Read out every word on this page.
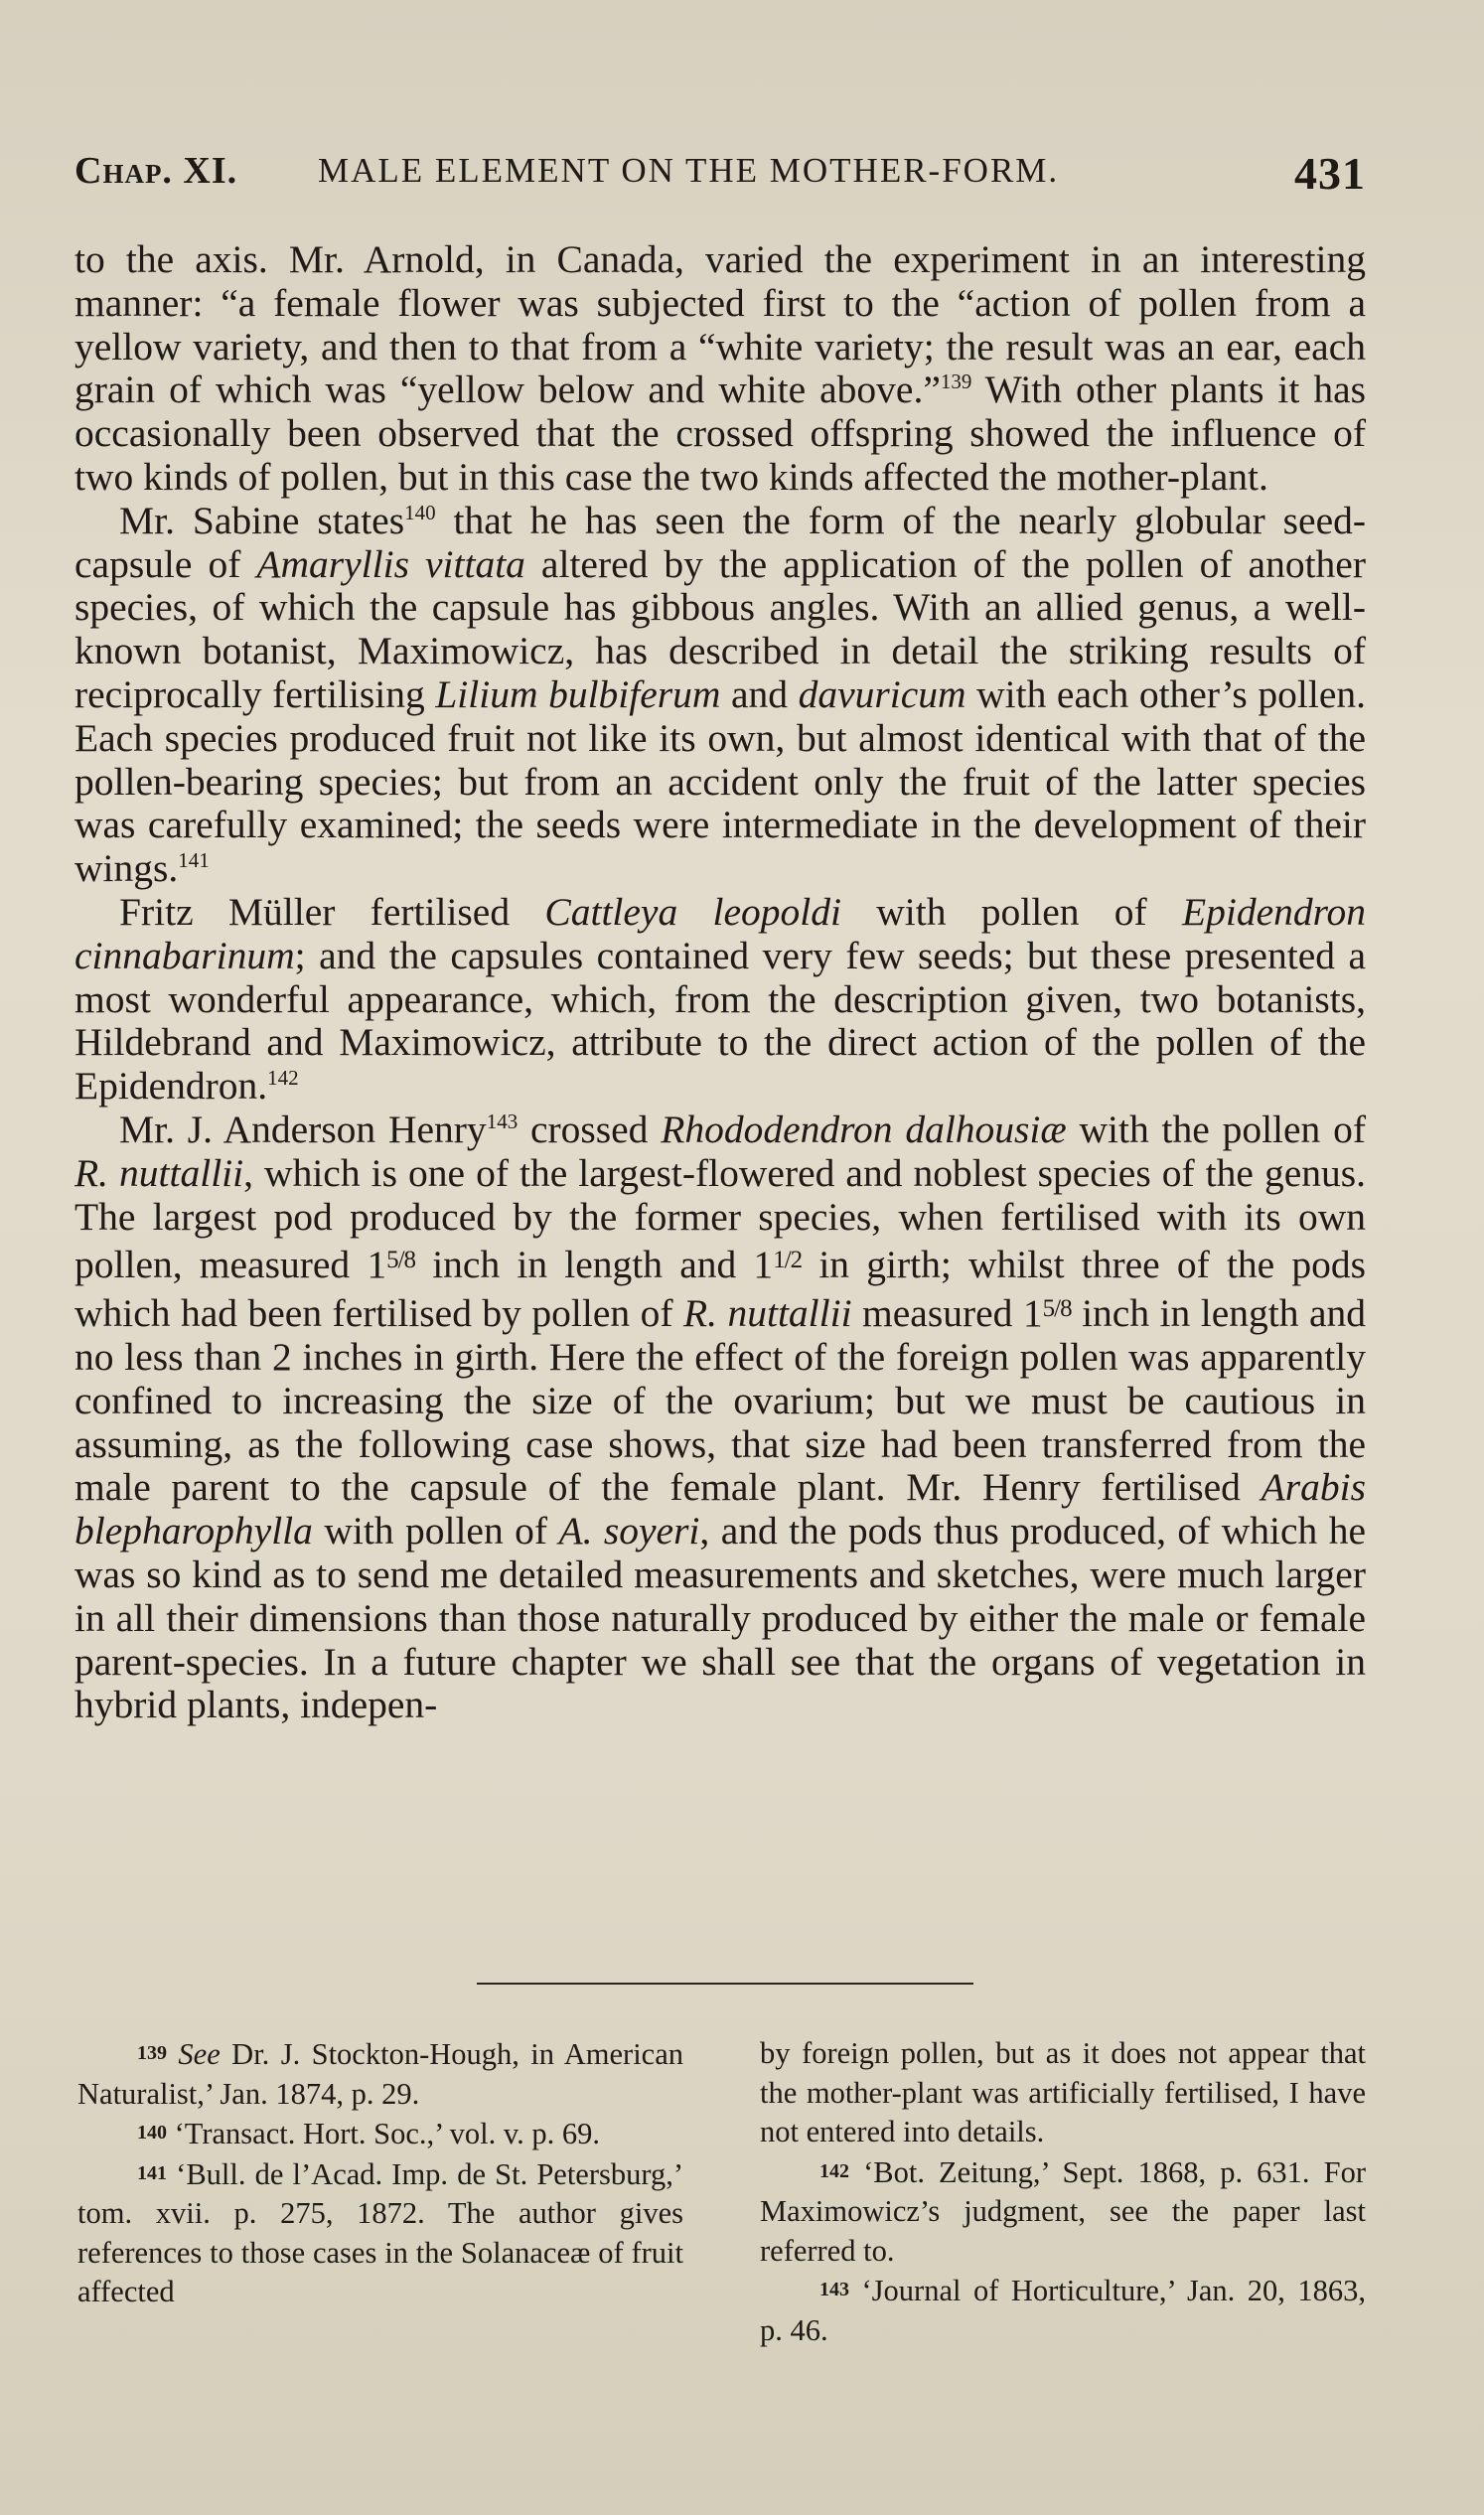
Chap. XI. MALE ELEMENT ON THE MOTHER-FORM.	431

to the axis. Mr. Arnold, in Canada, varied the experiment in an interesting manner: “a female flower was subjected first to the “action of pollen from a yellow variety, and then to that from a “white variety; the result was an ear, each grain of which was “yellow below and white above.”$^{139}$ With other plants it has occasionally been observed that the crossed offspring showed the influence of two kinds of pollen, but in this case the two kinds affected the mother-plant.

Mr. Sabine states$^{140}$ that he has seen the form of the nearly globular seed-capsule of Amaryllis vittata altered by the application of the pollen of another species, of which the capsule has gibbous angles. With an allied genus, a well-known botanist, Maximowicz, has described in detail the striking results of reciprocally fertilising Lilium bulbiferum and davuricum with each other’s pollen. Each species produced fruit not like its own, but almost identical with that of the pollen-bearing species; but from an accident only the fruit of the latter species was carefully examined; the seeds were intermediate in the development of their wings.$^{141}$

Fritz Müller fertilised Cattleya leopoldi with pollen of Epidendron cinnabarinum; and the capsules contained very few seeds; but these presented a most wonderful appearance, which, from the description given, two botanists, Hildebrand and Maximowicz, attribute to the direct action of the pollen of the Epidendron.$^{142}$

Mr. J. Anderson Henry$^{143}$ crossed Rhododendron dalhousiæ with the pollen of R. nuttallii, which is one of the largest-flowered and noblest species of the genus. The largest pod produced by the former species, when fertilised with its own pollen, measured $1^{5/8}$ inch in length and $1^{1/2}$ in girth; whilst three of the pods which had been fertilised by pollen of R. nuttallii measured $1^{5/8}$ inch in length and no less than 2 inches in girth. Here the effect of the foreign pollen was apparently confined to increasing the size of the ovarium; but we must be cautious in assuming, as the following case shows, that size had been transferred from the male parent to the capsule of the female plant. Mr. Henry fertilised Arabis blepharophylla with pollen of A. soyeri, and the pods thus produced, of which he was so kind as to send me detailed measurements and sketches, were much larger in all their dimensions than those naturally produced by either the male or female parent-species. In a future chapter we shall see that the organs of vegetation in hybrid plants, indepen-

139 See Dr. J. Stockton-Hough, in American Naturalist,’ Jan. 1874, p. 29.

140 ‘Transact. Hort. Soc.,’ vol. v. p. 69.

141 ‘Bull. de l’Acad. Imp. de St. Petersburg,’ tom. xvii. p. 275, 1872. The author gives references to those cases in the Solanaceæ of fruit affected

by foreign pollen, but as it does not appear that the mother-plant was artificially fertilised, I have not entered into details.

142 ‘Bot. Zeitung,’ Sept. 1868, p. 631. For Maximowicz’s judgment, see the paper last referred to.

143 ‘Journal of Horticulture,’ Jan. 20, 1863, p. 46.
